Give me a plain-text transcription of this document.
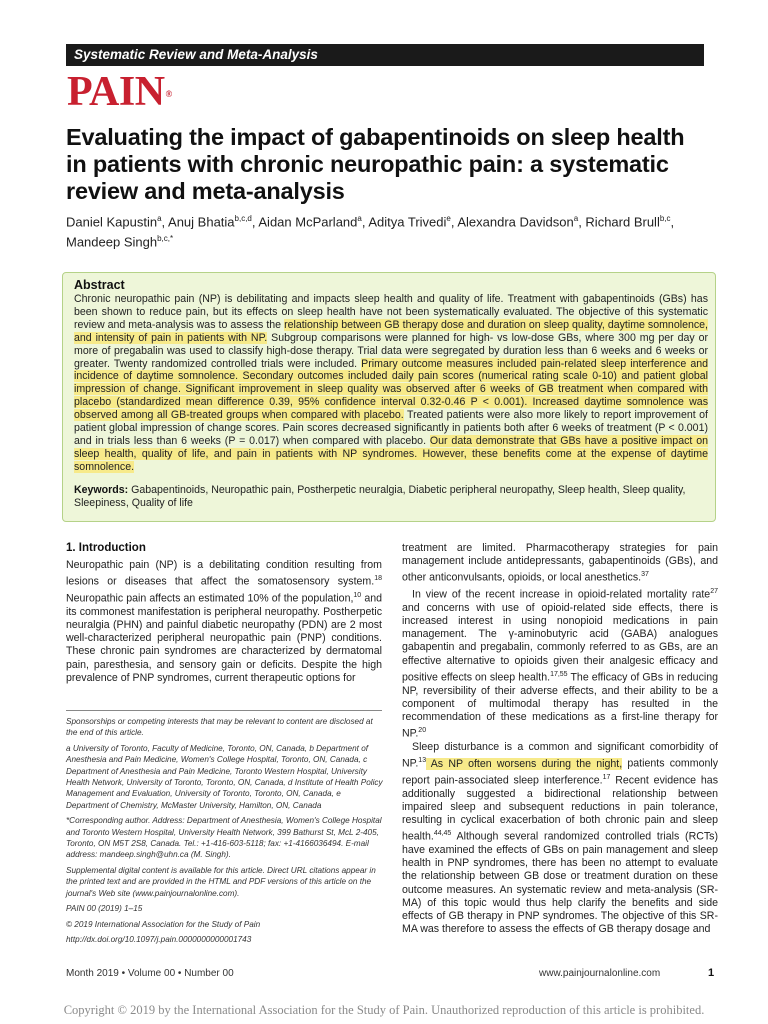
Systematic Review and Meta-Analysis
PAIN®
Evaluating the impact of gabapentinoids on sleep health in patients with chronic neuropathic pain: a systematic review and meta-analysis
Daniel Kapustin$^a$, Anuj Bhatia$^{b,c,d}$, Aidan McParland$^a$, Aditya Trivedi$^e$, Alexandra Davidson$^a$, Richard Brull$^{b,c}$, Mandeep Singh$^{b,c,*}$
Abstract
Chronic neuropathic pain (NP) is debilitating and impacts sleep health and quality of life. Treatment with gabapentinoids (GBs) has been shown to reduce pain, but its effects on sleep health have not been systematically evaluated. The objective of this systematic review and meta-analysis was to assess the relationship between GB therapy dose and duration on sleep quality, daytime somnolence, and intensity of pain in patients with NP. Subgroup comparisons were planned for high- vs low-dose GBs, where 300 mg per day or more of pregabalin was used to classify high-dose therapy. Trial data were segregated by duration less than 6 weeks and 6 weeks or greater. Twenty randomized controlled trials were included. Primary outcome measures included pain-related sleep interference and incidence of daytime somnolence. Secondary outcomes included daily pain scores (numerical rating scale 0-10) and patient global impression of change. Significant improvement in sleep quality was observed after 6 weeks of GB treatment when compared with placebo (standardized mean difference 0.39, 95% confidence interval 0.32-0.46 P < 0.001). Increased daytime somnolence was observed among all GB-treated groups when compared with placebo. Treated patients were also more likely to report improvement of patient global impression of change scores. Pain scores decreased significantly in patients both after 6 weeks of treatment (P < 0.001) and in trials less than 6 weeks (P = 0.017) when compared with placebo. Our data demonstrate that GBs have a positive impact on sleep health, quality of life, and pain in patients with NP syndromes. However, these benefits come at the expense of daytime somnolence.
Keywords: Gabapentinoids, Neuropathic pain, Postherpetic neuralgia, Diabetic peripheral neuropathy, Sleep health, Sleep quality, Sleepiness, Quality of life
1. Introduction

Neuropathic pain (NP) is a debilitating condition resulting from lesions or diseases that affect the somatosensory system.$^{18}$ Neuropathic pain affects an estimated 10% of the population,$^{10}$ and its commonest manifestation is peripheral neuropathy. Postherpetic neuralgia (PHN) and painful diabetic neuropathy (PDN) are 2 most well-characterized peripheral neuropathic pain (PNP) conditions. These chronic pain syndromes are characterized by dermatomal pain, paresthesia, and sensory gain or deficits. Despite the high prevalence of PNP syndromes, current therapeutic options for

Sponsorships or competing interests that may be relevant to content are disclosed at the end of this article.

a University of Toronto, Faculty of Medicine, Toronto, ON, Canada, b Department of Anesthesia and Pain Medicine, Women's College Hospital, Toronto, ON, Canada, c Department of Anesthesia and Pain Medicine, Toronto Western Hospital, University Health Network, University of Toronto, Toronto, ON, Canada, d Institute of Health Policy Management and Evaluation, University of Toronto, Toronto, ON, Canada, e Department of Chemistry, McMaster University, Hamilton, ON, Canada

*Corresponding author. Address: Department of Anesthesia, Women's College Hospital and Toronto Western Hospital, University Health Network, 399 Bathurst St, McL 2-405, Toronto, ON M5T 2S8, Canada. Tel.: +1-416-603-5118; fax: +1-4166036494. E-mail address: mandeep.singh@uhn.ca (M. Singh).

Supplemental digital content is available for this article. Direct URL citations appear in the printed text and are provided in the HTML and PDF versions of this article on the journal's Web site (www.painjournalonline.com).

PAIN 00 (2019) 1–15

© 2019 International Association for the Study of Pain

http://dx.doi.org/10.1097/j.pain.0000000000001743

treatment are limited. Pharmacotherapy strategies for pain management include antidepressants, gabapentinoids (GBs), and other anticonvulsants, opioids, or local anesthetics.$^{37}$

In view of the recent increase in opioid-related mortality rate$^{27}$ and concerns with use of opioid-related side effects, there is increased interest in using nonopioid medications in pain management. The γ-aminobutyric acid (GABA) analogues gabapentin and pregabalin, commonly referred to as GBs, are an effective alternative to opioids given their analgesic efficacy and positive effects on sleep health.$^{17,55}$ The efficacy of GBs in reducing NP, reversibility of their adverse effects, and their ability to be a component of multimodal therapy has resulted in the recommendation of these medications as a first-line therapy for NP.$^{20}$

Sleep disturbance is a common and significant comorbidity of NP.$^{13}$ As NP often worsens during the night, patients commonly report pain-associated sleep interference.$^{17}$ Recent evidence has additionally suggested a bidirectional relationship between impaired sleep and subsequent reductions in pain tolerance, resulting in cyclical exacerbation of both chronic pain and sleep health.$^{44,45}$ Although several randomized controlled trials (RCTs) have examined the effects of GBs on pain management and sleep health in PNP syndromes, there has been no attempt to evaluate the relationship between GB dose or treatment duration on these outcome measures. An systematic review and meta-analysis (SR-MA) of this topic would thus help clarify the benefits and side effects of GB therapy in PNP syndromes. The objective of this SR-MA was therefore to assess the effects of GB therapy dosage and

Month 2019 • Volume 00 • Number 00	www.painjournalonline.com	1
Copyright © 2019 by the International Association for the Study of Pain. Unauthorized reproduction of this article is prohibited.
